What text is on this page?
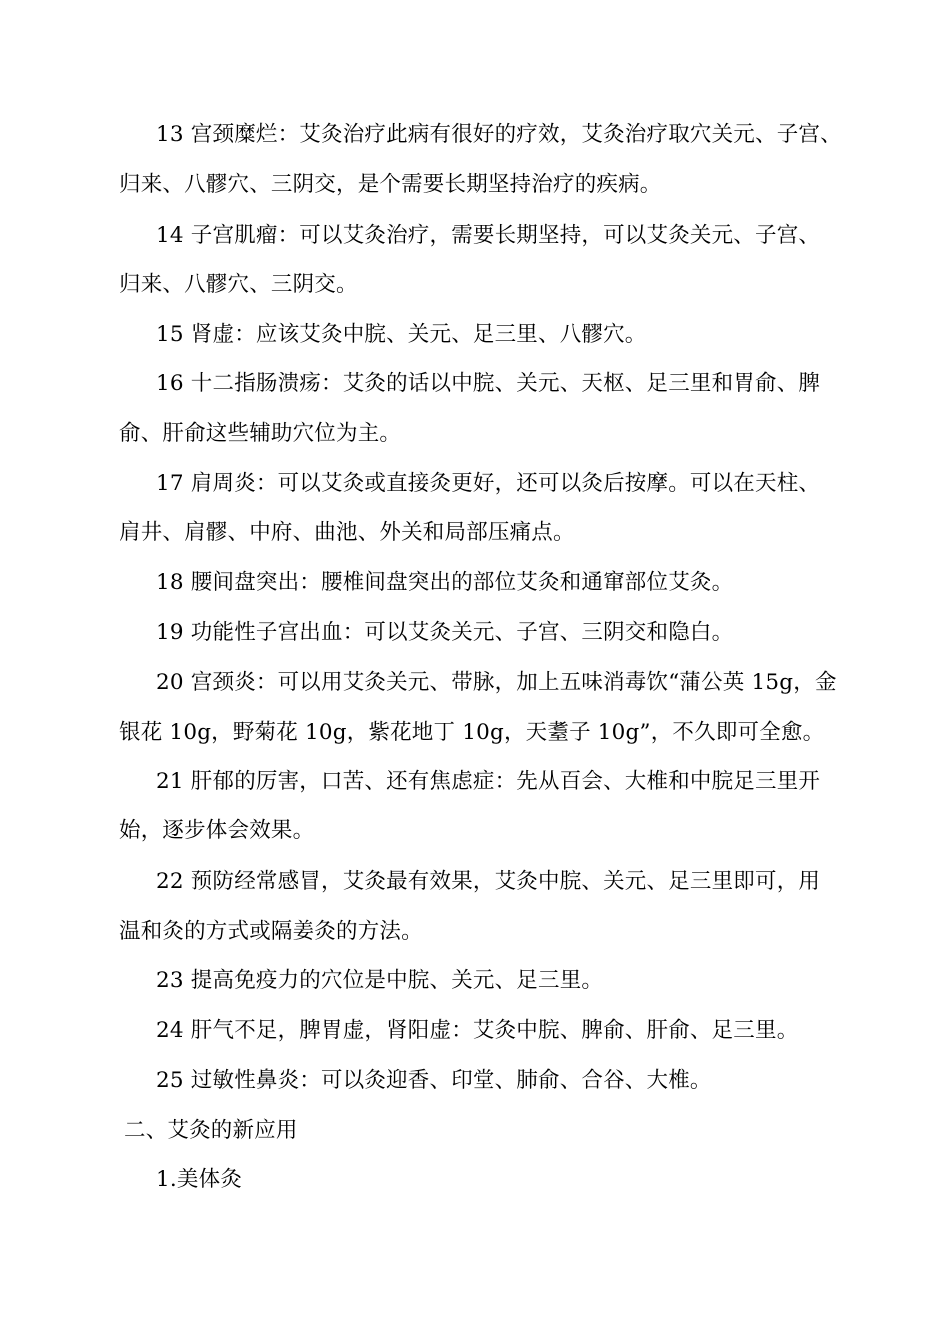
13 宫颈糜烂：艾灸治疗此病有很好的疗效，艾灸治疗取穴关元、子宫、
归来、八髎穴、三阴交，是个需要长期坚持治疗的疾病。
14 子宫肌瘤：可以艾灸治疗，需要长期坚持，可以艾灸关元、子宫、
归来、八髎穴、三阴交。
15 肾虚：应该艾灸中脘、关元、足三里、八髎穴。
16 十二指肠溃疡：艾灸的话以中脘、关元、天枢、足三里和胃俞、脾
俞、肝俞这些辅助穴位为主。
17 肩周炎：可以艾灸或直接灸更好，还可以灸后按摩。可以在天柱、
肩井、肩髎、中府、曲池、外关和局部压痛点。
18 腰间盘突出：腰椎间盘突出的部位艾灸和通窜部位艾灸。
19 功能性子宫出血：可以艾灸关元、子宫、三阴交和隐白。
20 宫颈炎：可以用艾灸关元、带脉，加上五味消毒饮“蒲公英 15g，金
银花 10g，野菊花 10g，紫花地丁 10g，天耋子 10g”，不久即可全愈。
21 肝郁的厉害，口苦、还有焦虑症：先从百会、大椎和中脘足三里开
始，逐步体会效果。
22 预防经常感冒，艾灸最有效果，艾灸中脘、关元、足三里即可，用
温和灸的方式或隔姜灸的方法。
23 提高免疫力的穴位是中脘、关元、足三里。
24 肝气不足，脾胃虚，肾阳虚：艾灸中脘、脾俞、肝俞、足三里。
25 过敏性鼻炎：可以灸迎香、印堂、肺俞、合谷、大椎。
二、艾灸的新应用
1.美体灸
